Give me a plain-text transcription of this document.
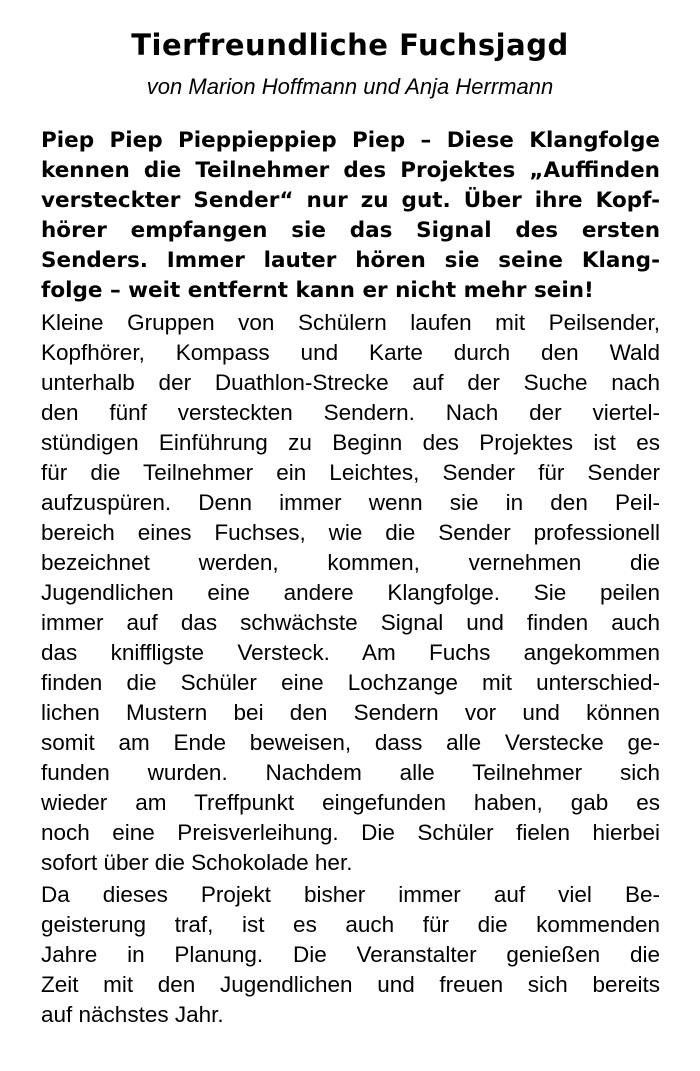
Tierfreundliche Fuchsjagd
von Marion Hoffmann und Anja Herrmann
Piep Piep Pieppieppiep Piep – Diese Klangfolge
kennen die Teilnehmer des Projektes „Auffinden
versteckter Sender“ nur zu gut. Über ihre Kopf-
hörer empfangen sie das Signal des ersten
Senders. Immer lauter hören sie seine Klang-
folge – weit entfernt kann er nicht mehr sein!
Kleine Gruppen von Schülern laufen mit Peilsender,
Kopfhörer, Kompass und Karte durch den Wald
unterhalb der Duathlon-Strecke auf der Suche nach
den fünf versteckten Sendern. Nach der viertel-
stündigen Einführung zu Beginn des Projektes ist es
für die Teilnehmer ein Leichtes, Sender für Sender
aufzuspüren. Denn immer wenn sie in den Peil-
bereich eines Fuchses, wie die Sender professionell
bezeichnet werden, kommen, vernehmen die
Jugendlichen eine andere Klangfolge. Sie peilen
immer auf das schwächste Signal und finden auch
das kniffligste Versteck. Am Fuchs angekommen
finden die Schüler eine Lochzange mit unterschied-
lichen Mustern bei den Sendern vor und können
somit am Ende beweisen, dass alle Verstecke ge-
funden wurden. Nachdem alle Teilnehmer sich
wieder am Treffpunkt eingefunden haben, gab es
noch eine Preisverleihung. Die Schüler fielen hierbei
sofort über die Schokolade her.
Da dieses Projekt bisher immer auf viel Be-
geisterung traf, ist es auch für die kommenden
Jahre in Planung. Die Veranstalter genießen die
Zeit mit den Jugendlichen und freuen sich bereits
auf nächstes Jahr.
